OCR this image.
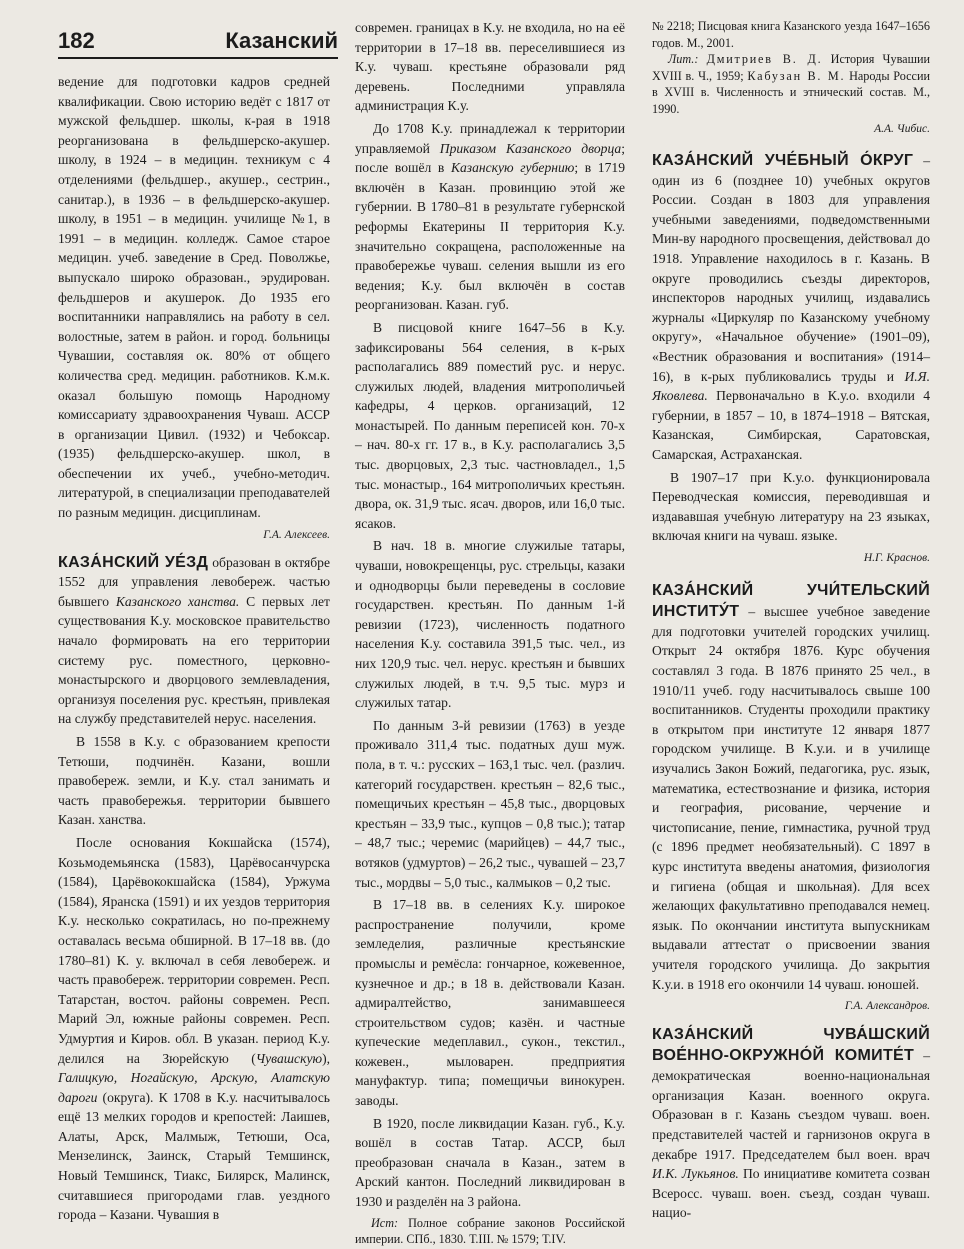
182	Казанский

ведение для подготовки кадров средней квалификации. Свою историю ведёт с 1817 от мужской фельдшер. школы, к-рая в 1918 реорганизована в фельдшерско-акушер. школу, в 1924 – в медицин. техникум с 4 отделениями (фельдшер., акушер., сестрин., санитар.), в 1936 – в фельдшерско-акушер. школу, в 1951 – в медицин. училище №1, в 1991 – в медицин. колледж. Самое старое медицин. учеб. заведение в Сред. Поволжье, выпускало широко образован., эрудирован. фельдшеров и акушерок. До 1935 его воспитанники направлялись на работу в сел. волостные, затем в район. и город. больницы Чувашии, составляя ок. 80% от общего количества сред. медицин. работников. К.м.к. оказал большую помощь Народному комиссариату здравоохранения Чуваш. АССР в организации Цивил. (1932) и Чебоксар. (1935) фельдшерско-акушер. школ, в обеспечении их учеб., учебно-методич. литературой, в специализации преподавателей по разным медицин. дисциплинам.

Г.А. Алексеев.

КАЗА́НСКИЙ УЕ́ЗД образован в октябре 1552 для управления левобереж. частью бывшего Казанского ханства. С первых лет существования К.у. московское правительство начало формировать на его территории систему рус. поместного, церковно-монастырского и дворцового землевладения, организуя поселения рус. крестьян, привлекая на службу представителей нерус. населения.

В 1558 в К.у. с образованием крепости Тетюши, подчинён. Казани, вошли правобереж. земли, и К.у. стал занимать и часть правобережья. территории бывшего Казан. ханства.

После основания Кокшайска (1574), Козьмодемьянска (1583), Царёвосанчурска (1584), Царёвококшайска (1584), Уржума (1584), Яранска (1591) и их уездов территория К.у. несколько сократилась, но по-прежнему оставалась весьма обширной. В 17–18 вв. (до 1780–81) К. у. включал в себя левобереж. и часть правобереж. территории современ. Респ. Татарстан, восточ. районы современ. Респ. Марий Эл, южные районы современ. Респ. Удмуртия и Киров. обл. В указан. период К.у. делился на Зюрейскую (Чувашскую), Галицкую, Ногайскую, Арскую, Алатскую дароги (округа). К 1708 в К.у. насчитывалось ещё 13 мелких городов и крепостей: Лаишев, Алаты, Арск, Малмыж, Тетюши, Оса, Мензелинск, Заинск, Старый Темшинск, Новый Темшинск, Тиакс, Билярск, Малинск, считавшиеся пригородами глав. уездного города – Казани. Чувашия в

современ. границах в К.у. не входила, но на её территории в 17–18 вв. переселившиеся из К.у. чуваш. крестьяне образовали ряд деревень. Последними управляла администрация К.у.

До 1708 К.у. принадлежал к территории управляемой Приказом Казанского дворца; после вошёл в Казанскую губернию; в 1719 включён в Казан. провинцию этой же губернии. В 1780–81 в результате губернской реформы Екатерины II территория К.у. значительно сокращена, расположенные на правобережье чуваш. селения вышли из его ведения; К.у. был включён в состав реорганизован. Казан. губ.

В писцовой книге 1647–56 в К.у. зафиксированы 564 селения, в к-рых располагались 889 поместий рус. и нерус. служилых людей, владения митрополичьей кафедры, 4 церков. организаций, 12 монастырей. По данным переписей кон. 70-х – нач. 80-х гг. 17 в., в К.у. располагались 3,5 тыс. дворцовых, 2,3 тыс. частновладел., 1,5 тыс. монастыр., 164 митрополичьих крестьян. двора, ок. 31,9 тыс. ясач. дворов, или 16,0 тыс. ясаков.

В нач. 18 в. многие служилые татары, чуваши, новокрещенцы, рус. стрельцы, казаки и однодворцы были переведены в сословие государствен. крестьян. По данным 1-й ревизии (1723), численность податного населения К.у. составила 391,5 тыс. чел., из них 120,9 тыс. чел. нерус. крестьян и бывших служилых людей, в т.ч. 9,5 тыс. мурз и служилых татар.

По данным 3-й ревизии (1763) в уезде проживало 311,4 тыс. податных душ муж. пола, в т. ч.: русских – 163,1 тыс. чел. (различ. категорий государствен. крестьян – 82,6 тыс., помещичьих крестьян – 45,8 тыс., дворцовых крестьян – 33,9 тыс., купцов – 0,8 тыс.); татар – 48,7 тыс.; черемис (марийцев) – 44,7 тыс., вотяков (удмуртов) – 26,2 тыс., чувашей – 23,7 тыс., мордвы – 5,0 тыс., калмыков – 0,2 тыс.

В 17–18 вв. в селениях К.у. широкое распространение получили, кроме земледелия, различные крестьянские промыслы и ремёсла: гончарное, кожевенное, кузнечное и др.; в 18 в. действовали Казан. адмиралтейство, занимавшееся строительством судов; казён. и частные купеческие медеплавил., сукон., текстил., кожевен., мыловарен. предприятия мануфактур. типа; помещичьи винокурен. заводы.

В 1920, после ликвидации Казан. губ., К.у. вошёл в состав Татар. АССР, был преобразован сначала в Казан., затем в Арский кантон. Последний ликвидирован в 1930 и разделён на 3 района.

Ист: Полное собрание законов Российской империи. СПб., 1830. Т.III. № 1579; Т.IV.

№ 2218; Писцовая книга Казанского уезда 1647–1656 годов. М., 2001.

Лит.: Дмитриев В. Д. История Чувашии XVIII в. Ч., 1959; Кабузан В. М. Народы России в XVIII в. Численность и этнический состав. М., 1990.

А.А. Чибис.

КАЗА́НСКИЙ УЧЕ́БНЫЙ О́КРУГ – один из 6 (позднее 10) учебных округов России. Создан в 1803 для управления учебными заведениями, подведомственными Мин-ву народного просвещения, действовал до 1918. Управление находилось в г. Казань. В округе проводились съезды директоров, инспекторов народных училищ, издавались журналы «Циркуляр по Казанскому учебному округу», «Начальное обучение» (1901–09), «Вестник образования и воспитания» (1914–16), в к-рых публиковались труды и И.Я. Яковлева. Первоначально в К.у.о. входили 4 губернии, в 1857 – 10, в 1874–1918 – Вятская, Казанская, Симбирская, Саратовская, Самарская, Астраханская.

В 1907–17 при К.у.о. функционировала Переводческая комиссия, переводившая и издававшая учебную литературу на 23 языках, включая книги на чуваш. языке.

Н.Г. Краснов.

КАЗА́НСКИЙ УЧИ́ТЕЛЬСКИЙ ИНСТИТУ́Т – высшее учебное заведение для подготовки учителей городских училищ. Открыт 24 октября 1876. Курс обучения составлял 3 года. В 1876 принято 25 чел., в 1910/11 учеб. году насчитывалось свыше 100 воспитанников. Студенты проходили практику в открытом при институте 12 января 1877 городском училище. В К.у.и. и в училище изучались Закон Божий, педагогика, рус. язык, математика, естествознание и физика, история и география, рисование, черчение и чистописание, пение, гимнастика, ручной труд (с 1896 предмет необязательный). С 1897 в курс института введены анатомия, физиология и гигиена (общая и школьная). Для всех желающих факультативно преподавался немец. язык. По окончании института выпускникам выдавали аттестат о присвоении звания учителя городского училища. До закрытия К.у.и. в 1918 его окончили 14 чуваш. юношей.

Г.А. Александров.

КАЗА́НСКИЙ ЧУВА́ШСКИЙ ВОЕ́ННО-ОКРУЖНО́Й КОМИТЕ́Т – демократическая военно-национальная организация Казан. военного округа. Образован в г. Казань съездом чуваш. воен. представителей частей и гарнизонов округа в декабре 1917. Председателем был воен. врач И.К. Лукьянов. По инициативе комитета созван Всеросс. чуваш. воен. съезд, создан чуваш. нацио-
